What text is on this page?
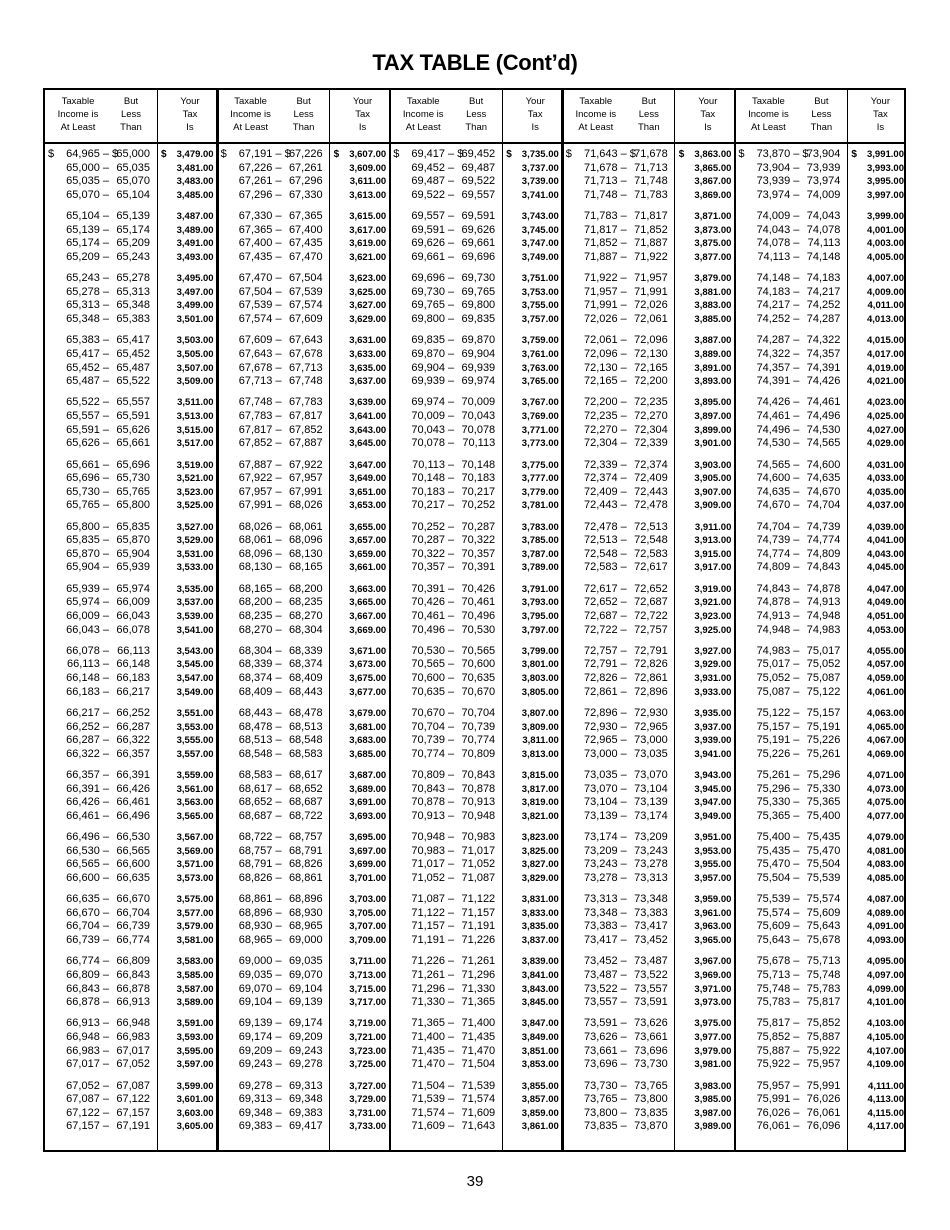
TAX TABLE (Cont’d)
Taxable
Income is
At Least
But
Less
Than
Your
Tax
Is
$	$	$
64,965 – 65,000	3,479.00
65,000 – 65,035	3,481.00
65,035 – 65,070	3,483.00
65,070 – 65,104	3,485.00
65,104 – 65,139	3,487.00
65,139 – 65,174	3,489.00
65,174 – 65,209	3,491.00
65,209 – 65,243	3,493.00
65,243 – 65,278	3,495.00
65,278 – 65,313	3,497.00
65,313 – 65,348	3,499.00
65,348 – 65,383	3,501.00
65,383 – 65,417	3,503.00
65,417 – 65,452	3,505.00
65,452 – 65,487	3,507.00
65,487 – 65,522	3,509.00
65,522 – 65,557	3,511.00
65,557 – 65,591	3,513.00
65,591 – 65,626	3,515.00
65,626 – 65,661	3,517.00
65,661 – 65,696	3,519.00
65,696 – 65,730	3,521.00
65,730 – 65,765	3,523.00
65,765 – 65,800	3,525.00
65,800 – 65,835	3,527.00
65,835 – 65,870	3,529.00
65,870 – 65,904	3,531.00
65,904 – 65,939	3,533.00
65,939 – 65,974	3,535.00
65,974 – 66,009	3,537.00
66,009 – 66,043	3,539.00
66,043 – 66,078	3,541.00
66,078 – 66,113	3,543.00
66,113 – 66,148	3,545.00
66,148 – 66,183	3,547.00
66,183 – 66,217	3,549.00
66,217 – 66,252	3,551.00
66,252 – 66,287	3,553.00
66,287 – 66,322	3,555.00
66,322 – 66,357	3,557.00
66,357 – 66,391	3,559.00
66,391 – 66,426	3,561.00
66,426 – 66,461	3,563.00
66,461 – 66,496	3,565.00
66,496 – 66,530	3,567.00
66,530 – 66,565	3,569.00
66,565 – 66,600	3,571.00
66,600 – 66,635	3,573.00
66,635 – 66,670	3,575.00
66,670 – 66,704	3,577.00
66,704 – 66,739	3,579.00
66,739 – 66,774	3,581.00
66,774 – 66,809	3,583.00
66,809 – 66,843	3,585.00
66,843 – 66,878	3,587.00
66,878 – 66,913	3,589.00
66,913 – 66,948	3,591.00
66,948 – 66,983	3,593.00
66,983 – 67,017	3,595.00
67,017 – 67,052	3,597.00
67,052 – 67,087	3,599.00
67,087 – 67,122	3,601.00
67,122 – 67,157	3,603.00
67,157 – 67,191	3,605.00
Taxable
Income is
At Least
But
Less
Than
Your
Tax
Is
$	$	$
67,191 – 67,226	3,607.00
67,226 – 67,261	3,609.00
67,261 – 67,296	3,611.00
67,296 – 67,330	3,613.00
67,330 – 67,365	3,615.00
67,365 – 67,400	3,617.00
67,400 – 67,435	3,619.00
67,435 – 67,470	3,621.00
67,470 – 67,504	3,623.00
67,504 – 67,539	3,625.00
67,539 – 67,574	3,627.00
67,574 – 67,609	3,629.00
67,609 – 67,643	3,631.00
67,643 – 67,678	3,633.00
67,678 – 67,713	3,635.00
67,713 – 67,748	3,637.00
67,748 – 67,783	3,639.00
67,783 – 67,817	3,641.00
67,817 – 67,852	3,643.00
67,852 – 67,887	3,645.00
67,887 – 67,922	3,647.00
67,922 – 67,957	3,649.00
67,957 – 67,991	3,651.00
67,991 – 68,026	3,653.00
68,026 – 68,061	3,655.00
68,061 – 68,096	3,657.00
68,096 – 68,130	3,659.00
68,130 – 68,165	3,661.00
68,165 – 68,200	3,663.00
68,200 – 68,235	3,665.00
68,235 – 68,270	3,667.00
68,270 – 68,304	3,669.00
68,304 – 68,339	3,671.00
68,339 – 68,374	3,673.00
68,374 – 68,409	3,675.00
68,409 – 68,443	3,677.00
68,443 – 68,478	3,679.00
68,478 – 68,513	3,681.00
68,513 – 68,548	3,683.00
68,548 – 68,583	3,685.00
68,583 – 68,617	3,687.00
68,617 – 68,652	3,689.00
68,652 – 68,687	3,691.00
68,687 – 68,722	3,693.00
68,722 – 68,757	3,695.00
68,757 – 68,791	3,697.00
68,791 – 68,826	3,699.00
68,826 – 68,861	3,701.00
68,861 – 68,896	3,703.00
68,896 – 68,930	3,705.00
68,930 – 68,965	3,707.00
68,965 – 69,000	3,709.00
69,000 – 69,035	3,711.00
69,035 – 69,070	3,713.00
69,070 – 69,104	3,715.00
69,104 – 69,139	3,717.00
69,139 – 69,174	3,719.00
69,174 – 69,209	3,721.00
69,209 – 69,243	3,723.00
69,243 – 69,278	3,725.00
69,278 – 69,313	3,727.00
69,313 – 69,348	3,729.00
69,348 – 69,383	3,731.00
69,383 – 69,417	3,733.00
Taxable
Income is
At Least
But
Less
Than
Your
Tax
Is
$	$	$
69,417 – 69,452	3,735.00
69,452 – 69,487	3,737.00
69,487 – 69,522	3,739.00
69,522 – 69,557	3,741.00
69,557 – 69,591	3,743.00
69,591 – 69,626	3,745.00
69,626 – 69,661	3,747.00
69,661 – 69,696	3,749.00
69,696 – 69,730	3,751.00
69,730 – 69,765	3,753.00
69,765 – 69,800	3,755.00
69,800 – 69,835	3,757.00
69,835 – 69,870	3,759.00
69,870 – 69,904	3,761.00
69,904 – 69,939	3,763.00
69,939 – 69,974	3,765.00
69,974 – 70,009	3,767.00
70,009 – 70,043	3,769.00
70,043 – 70,078	3,771.00
70,078 – 70,113	3,773.00
70,113 – 70,148	3,775.00
70,148 – 70,183	3,777.00
70,183 – 70,217	3,779.00
70,217 – 70,252	3,781.00
70,252 – 70,287	3,783.00
70,287 – 70,322	3,785.00
70,322 – 70,357	3,787.00
70,357 – 70,391	3,789.00
70,391 – 70,426	3,791.00
70,426 – 70,461	3,793.00
70,461 – 70,496	3,795.00
70,496 – 70,530	3,797.00
70,530 – 70,565	3,799.00
70,565 – 70,600	3,801.00
70,600 – 70,635	3,803.00
70,635 – 70,670	3,805.00
70,670 – 70,704	3,807.00
70,704 – 70,739	3,809.00
70,739 – 70,774	3,811.00
70,774 – 70,809	3,813.00
70,809 – 70,843	3,815.00
70,843 – 70,878	3,817.00
70,878 – 70,913	3,819.00
70,913 – 70,948	3,821.00
70,948 – 70,983	3,823.00
70,983 – 71,017	3,825.00
71,017 – 71,052	3,827.00
71,052 – 71,087	3,829.00
71,087 – 71,122	3,831.00
71,122 – 71,157	3,833.00
71,157 – 71,191	3,835.00
71,191 – 71,226	3,837.00
71,226 – 71,261	3,839.00
71,261 – 71,296	3,841.00
71,296 – 71,330	3,843.00
71,330 – 71,365	3,845.00
71,365 – 71,400	3,847.00
71,400 – 71,435	3,849.00
71,435 – 71,470	3,851.00
71,470 – 71,504	3,853.00
71,504 – 71,539	3,855.00
71,539 – 71,574	3,857.00
71,574 – 71,609	3,859.00
71,609 – 71,643	3,861.00
Taxable
Income is
At Least
But
Less
Than
Your
Tax
Is
$	$	$
71,643 – 71,678	3,863.00
71,678 – 71,713	3,865.00
71,713 – 71,748	3,867.00
71,748 – 71,783	3,869.00
71,783 – 71,817	3,871.00
71,817 – 71,852	3,873.00
71,852 – 71,887	3,875.00
71,887 – 71,922	3,877.00
71,922 – 71,957	3,879.00
71,957 – 71,991	3,881.00
71,991 – 72,026	3,883.00
72,026 – 72,061	3,885.00
72,061 – 72,096	3,887.00
72,096 – 72,130	3,889.00
72,130 – 72,165	3,891.00
72,165 – 72,200	3,893.00
72,200 – 72,235	3,895.00
72,235 – 72,270	3,897.00
72,270 – 72,304	3,899.00
72,304 – 72,339	3,901.00
72,339 – 72,374	3,903.00
72,374 – 72,409	3,905.00
72,409 – 72,443	3,907.00
72,443 – 72,478	3,909.00
72,478 – 72,513	3,911.00
72,513 – 72,548	3,913.00
72,548 – 72,583	3,915.00
72,583 – 72,617	3,917.00
72,617 – 72,652	3,919.00
72,652 – 72,687	3,921.00
72,687 – 72,722	3,923.00
72,722 – 72,757	3,925.00
72,757 – 72,791	3,927.00
72,791 – 72,826	3,929.00
72,826 – 72,861	3,931.00
72,861 – 72,896	3,933.00
72,896 – 72,930	3,935.00
72,930 – 72,965	3,937.00
72,965 – 73,000	3,939.00
73,000 – 73,035	3,941.00
73,035 – 73,070	3,943.00
73,070 – 73,104	3,945.00
73,104 – 73,139	3,947.00
73,139 – 73,174	3,949.00
73,174 – 73,209	3,951.00
73,209 – 73,243	3,953.00
73,243 – 73,278	3,955.00
73,278 – 73,313	3,957.00
73,313 – 73,348	3,959.00
73,348 – 73,383	3,961.00
73,383 – 73,417	3,963.00
73,417 – 73,452	3,965.00
73,452 – 73,487	3,967.00
73,487 – 73,522	3,969.00
73,522 – 73,557	3,971.00
73,557 – 73,591	3,973.00
73,591 – 73,626	3,975.00
73,626 – 73,661	3,977.00
73,661 – 73,696	3,979.00
73,696 – 73,730	3,981.00
73,730 – 73,765	3,983.00
73,765 – 73,800	3,985.00
73,800 – 73,835	3,987.00
73,835 – 73,870	3,989.00
Taxable
Income is
At Least
But
Less
Than
Your
Tax
Is
$	$	$
73,870 – 73,904	3,991.00
73,904 – 73,939	3,993.00
73,939 – 73,974	3,995.00
73,974 – 74,009	3,997.00
74,009 – 74,043	3,999.00
74,043 – 74,078	4,001.00
74,078 – 74,113	4,003.00
74,113 – 74,148	4,005.00
74,148 – 74,183	4,007.00
74,183 – 74,217	4,009.00
74,217 – 74,252	4,011.00
74,252 – 74,287	4,013.00
74,287 – 74,322	4,015.00
74,322 – 74,357	4,017.00
74,357 – 74,391	4,019.00
74,391 – 74,426	4,021.00
74,426 – 74,461	4,023.00
74,461 – 74,496	4,025.00
74,496 – 74,530	4,027.00
74,530 – 74,565	4,029.00
74,565 – 74,600	4,031.00
74,600 – 74,635	4,033.00
74,635 – 74,670	4,035.00
74,670 – 74,704	4,037.00
74,704 – 74,739	4,039.00
74,739 – 74,774	4,041.00
74,774 – 74,809	4,043.00
74,809 – 74,843	4,045.00
74,843 – 74,878	4,047.00
74,878 – 74,913	4,049.00
74,913 – 74,948	4,051.00
74,948 – 74,983	4,053.00
74,983 – 75,017	4,055.00
75,017 – 75,052	4,057.00
75,052 – 75,087	4,059.00
75,087 – 75,122	4,061.00
75,122 – 75,157	4,063.00
75,157 – 75,191	4,065.00
75,191 – 75,226	4,067.00
75,226 – 75,261	4,069.00
75,261 – 75,296	4,071.00
75,296 – 75,330	4,073.00
75,330 – 75,365	4,075.00
75,365 – 75,400	4,077.00
75,400 – 75,435	4,079.00
75,435 – 75,470	4,081.00
75,470 – 75,504	4,083.00
75,504 – 75,539	4,085.00
75,539 – 75,574	4,087.00
75,574 – 75,609	4,089.00
75,609 – 75,643	4,091.00
75,643 – 75,678	4,093.00
75,678 – 75,713	4,095.00
75,713 – 75,748	4,097.00
75,748 – 75,783	4,099.00
75,783 – 75,817	4,101.00
75,817 – 75,852	4,103.00
75,852 – 75,887	4,105.00
75,887 – 75,922	4,107.00
75,922 – 75,957	4,109.00
75,957 – 75,991	4,111.00
75,991 – 76,026	4,113.00
76,026 – 76,061	4,115.00
76,061 – 76,096	4,117.00
39
